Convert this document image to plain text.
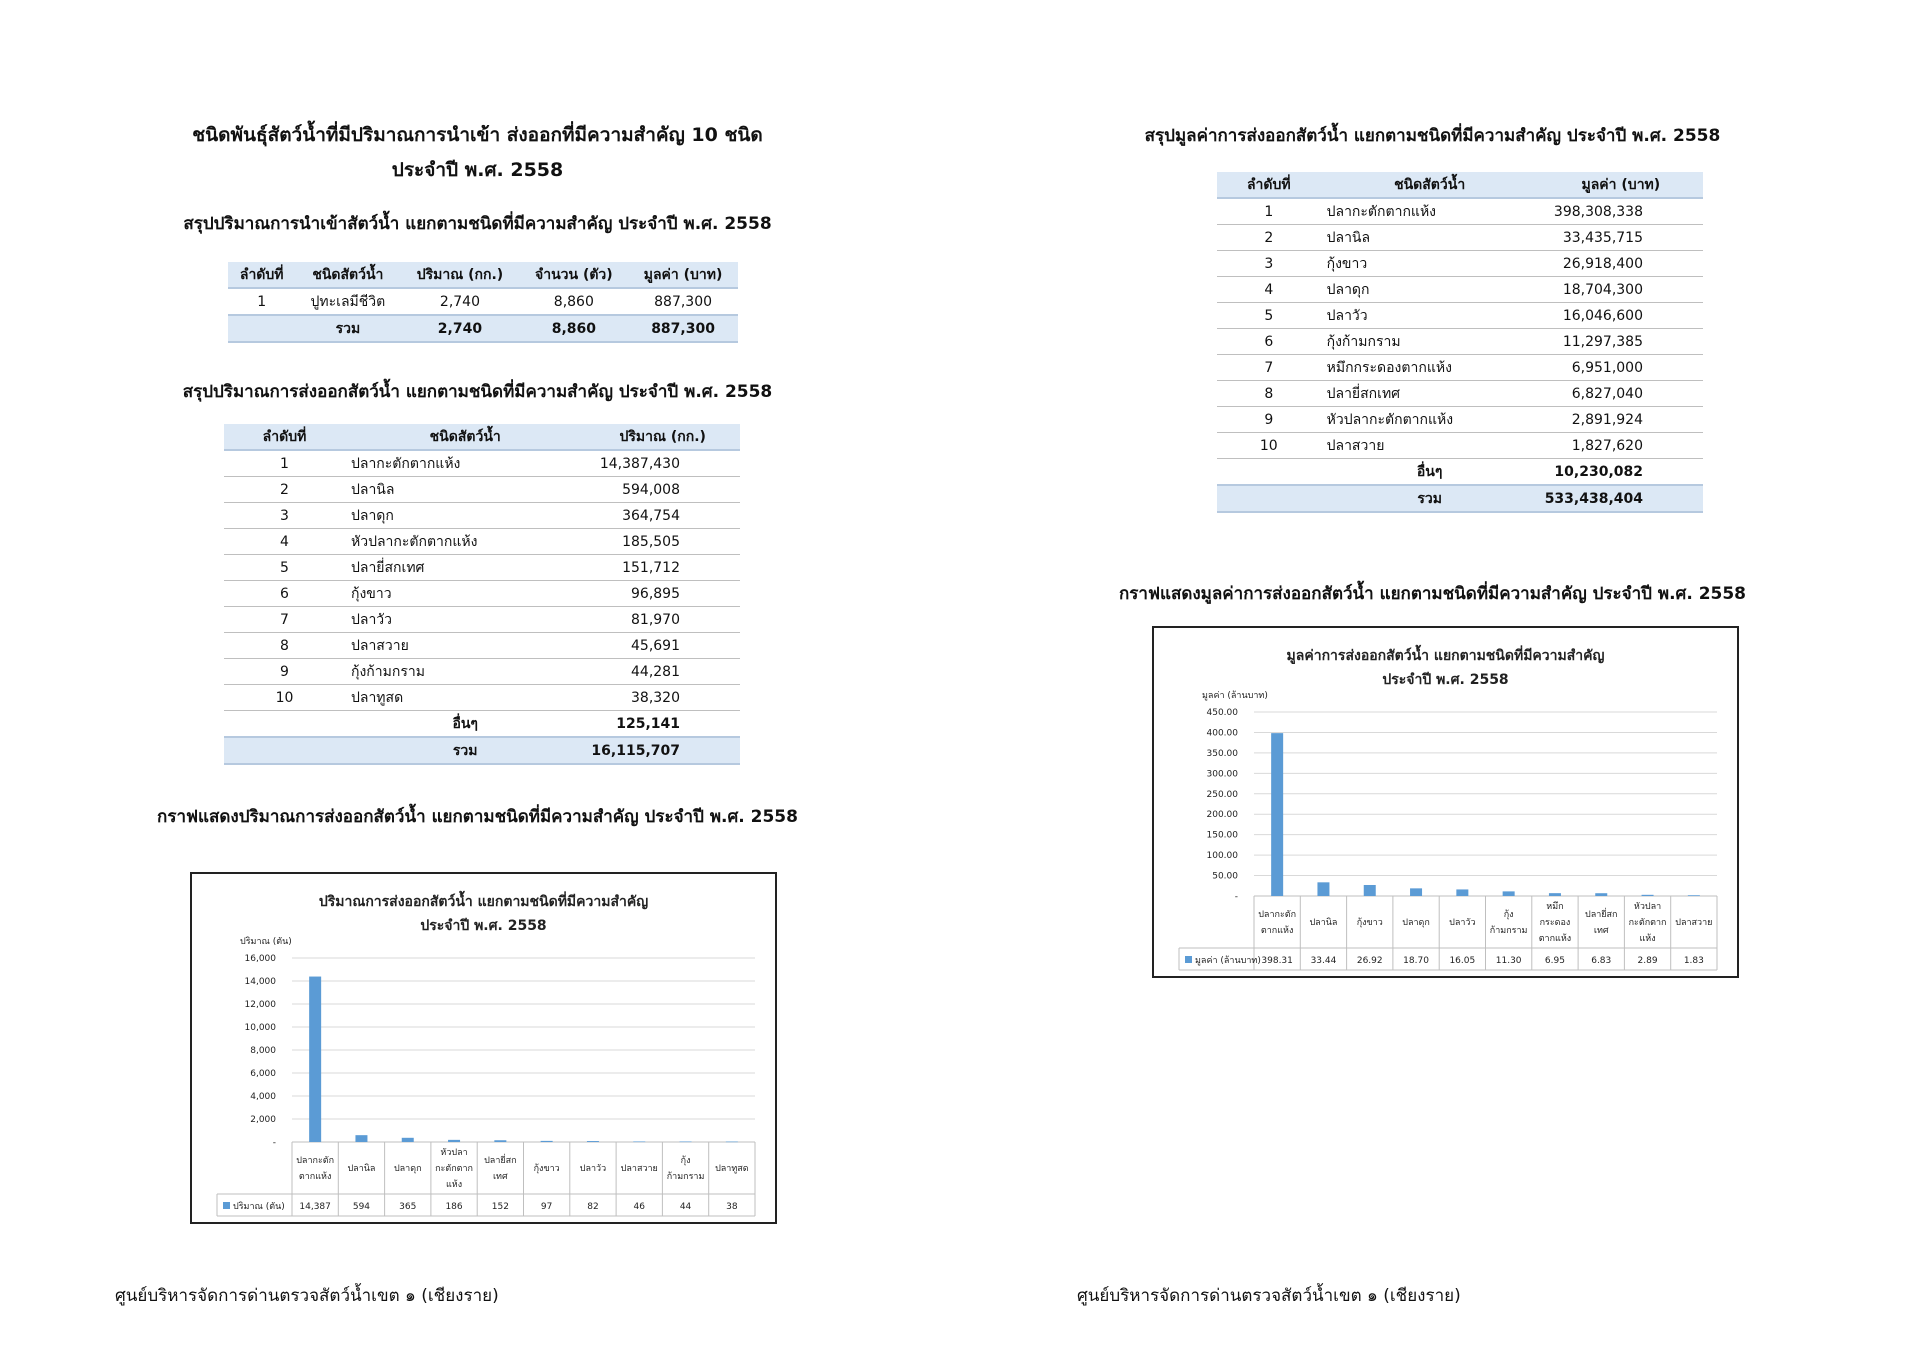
ชนิดพันธุ์สัตว์น้ำที่มีปริมาณการนำเข้า ส่งออกที่มีความสำคัญ 10 ชนิด
ประจำปี พ.ศ. 2558
สรุปปริมาณการนำเข้าสัตว์น้ำ แยกตามชนิดที่มีความสำคัญ ประจำปี พ.ศ. 2558
ลำดับที่	ชนิดสัตว์น้ำ	ปริมาณ (กก.)	จำนวน (ตัว)	มูลค่า (บาท)
1	ปูทะเลมีชีวิต	2,740	8,860	887,300
	รวม	2,740	8,860	887,300
สรุปปริมาณการส่งออกสัตว์น้ำ แยกตามชนิดที่มีความสำคัญ ประจำปี พ.ศ. 2558
ลำดับที่	ชนิดสัตว์น้ำ	ปริมาณ (กก.)
1	ปลากะตักตากแห้ง	14,387,430
2	ปลานิล	594,008
3	ปลาดุก	364,754
4	หัวปลากะตักตากแห้ง	185,505
5	ปลายี่สกเทศ	151,712
6	กุ้งขาว	96,895
7	ปลาวัว	81,970
8	ปลาสวาย	45,691
9	กุ้งก้ามกราม	44,281
10	ปลาทูสด	38,320
	อื่นๆ	125,141
	รวม	16,115,707
กราฟแสดงปริมาณการส่งออกสัตว์น้ำ แยกตามชนิดที่มีความสำคัญ ประจำปี พ.ศ. 2558
ปริมาณการส่งออกสัตว์น้ำ แยกตามชนิดที่มีความสำคัญ
ประจำปี พ.ศ. 2558
ปริมาณ (ตัน)
-
2,000
4,000
6,000
8,000
10,000
12,000
14,000
16,000
ปริมาณ (ตัน)
ปลากะตัก
ตากแห้ง
14,387
ปลานิล
594
ปลาดุก
365
หัวปลา
กะตักตาก
แห้ง
186
ปลายี่สก
เทศ
152
กุ้งขาว
97
ปลาวัว
82
ปลาสวาย
46
กุ้ง
ก้ามกราม
44
ปลาทูสด
38
ศูนย์บริหารจัดการด่านตรวจสัตว์น้ำเขต ๑ (เชียงราย)
สรุปมูลค่าการส่งออกสัตว์น้ำ แยกตามชนิดที่มีความสำคัญ ประจำปี พ.ศ. 2558
ลำดับที่	ชนิดสัตว์น้ำ	มูลค่า (บาท)
1	ปลากะตักตากแห้ง	398,308,338
2	ปลานิล	33,435,715
3	กุ้งขาว	26,918,400
4	ปลาดุก	18,704,300
5	ปลาวัว	16,046,600
6	กุ้งก้ามกราม	11,297,385
7	หมึกกระดองตากแห้ง	6,951,000
8	ปลายี่สกเทศ	6,827,040
9	หัวปลากะตักตากแห้ง	2,891,924
10	ปลาสวาย	1,827,620
	อื่นๆ	10,230,082
	รวม	533,438,404
กราฟแสดงมูลค่าการส่งออกสัตว์น้ำ แยกตามชนิดที่มีความสำคัญ ประจำปี พ.ศ. 2558
มูลค่าการส่งออกสัตว์น้ำ แยกตามชนิดที่มีความสำคัญ
ประจำปี พ.ศ. 2558
มูลค่า (ล้านบาท)
-
50.00
100.00
150.00
200.00
250.00
300.00
350.00
400.00
450.00
มูลค่า (ล้านบาท)
ปลากะตัก
ตากแห้ง
398.31
ปลานิล
33.44
กุ้งขาว
26.92
ปลาดุก
18.70
ปลาวัว
16.05
กุ้ง
ก้ามกราม
11.30
หมึก
กระดอง
ตากแห้ง
6.95
ปลายี่สก
เทศ
6.83
หัวปลา
กะตักตาก
แห้ง
2.89
ปลาสวาย
1.83
ศูนย์บริหารจัดการด่านตรวจสัตว์น้ำเขต ๑ (เชียงราย)
